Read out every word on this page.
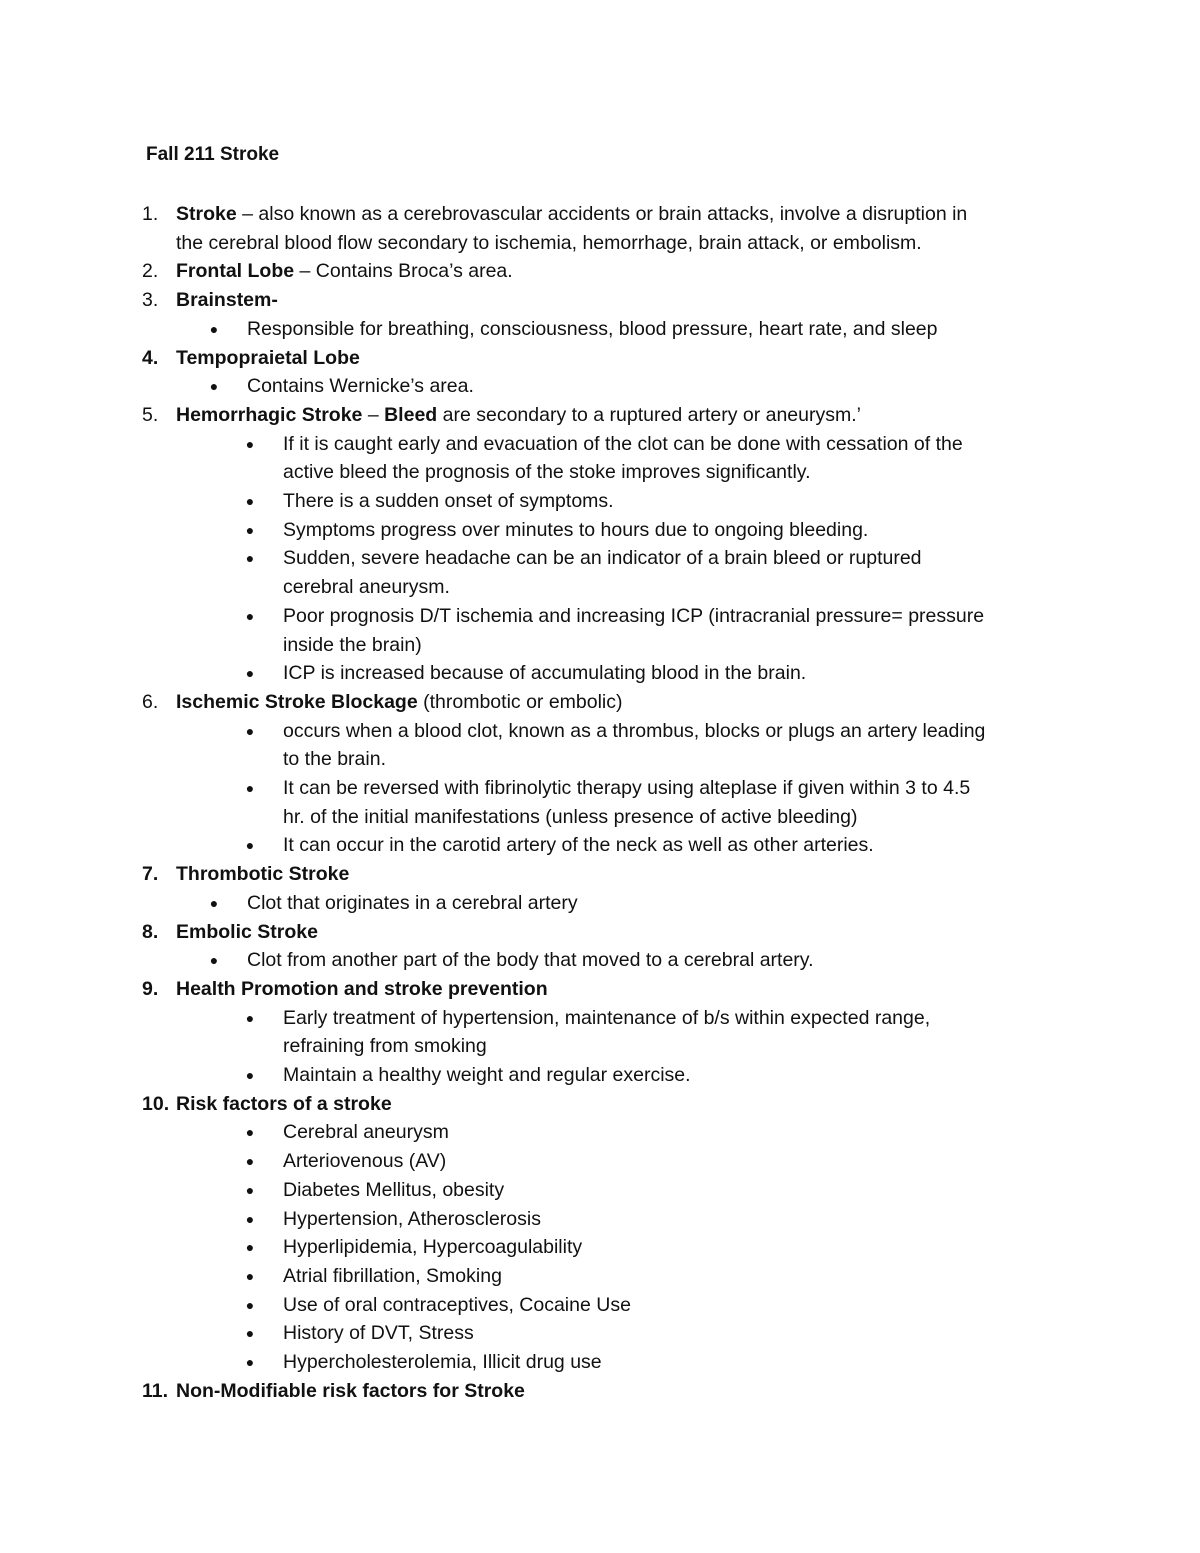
Fall 211 Stroke
1. Stroke – also known as a cerebrovascular accidents or brain attacks, involve a disruption in
the cerebral blood flow secondary to ischemia, hemorrhage, brain attack, or embolism.
2. Frontal Lobe – Contains Broca’s area.
3. Brainstem-
● Responsible for breathing, consciousness, blood pressure, heart rate, and sleep
4. Tempopraietal Lobe
● Contains Wernicke’s area.
5. Hemorrhagic Stroke – Bleed are secondary to a ruptured artery or aneurysm.’
● If it is caught early and evacuation of the clot can be done with cessation of the
active bleed the prognosis of the stoke improves significantly.
● There is a sudden onset of symptoms.
● Symptoms progress over minutes to hours due to ongoing bleeding.
● Sudden, severe headache can be an indicator of a brain bleed or ruptured
cerebral aneurysm.
● Poor prognosis D/T ischemia and increasing ICP (intracranial pressure= pressure
inside the brain)
● ICP is increased because of accumulating blood in the brain.
6. Ischemic Stroke Blockage (thrombotic or embolic)
● occurs when a blood clot, known as a thrombus, blocks or plugs an artery leading
to the brain.
● It can be reversed with fibrinolytic therapy using alteplase if given within 3 to 4.5
hr. of the initial manifestations (unless presence of active bleeding)
● It can occur in the carotid artery of the neck as well as other arteries.
7. Thrombotic Stroke
● Clot that originates in a cerebral artery
8. Embolic Stroke
● Clot from another part of the body that moved to a cerebral artery.
9. Health Promotion and stroke prevention
● Early treatment of hypertension, maintenance of b/s within expected range,
refraining from smoking
● Maintain a healthy weight and regular exercise.
10. Risk factors of a stroke
● Cerebral aneurysm
● Arteriovenous (AV)
● Diabetes Mellitus, obesity
● Hypertension, Atherosclerosis
● Hyperlipidemia, Hypercoagulability
● Atrial fibrillation, Smoking
● Use of oral contraceptives, Cocaine Use
● History of DVT, Stress
● Hypercholesterolemia, Illicit drug use
11. Non-Modifiable risk factors for Stroke
